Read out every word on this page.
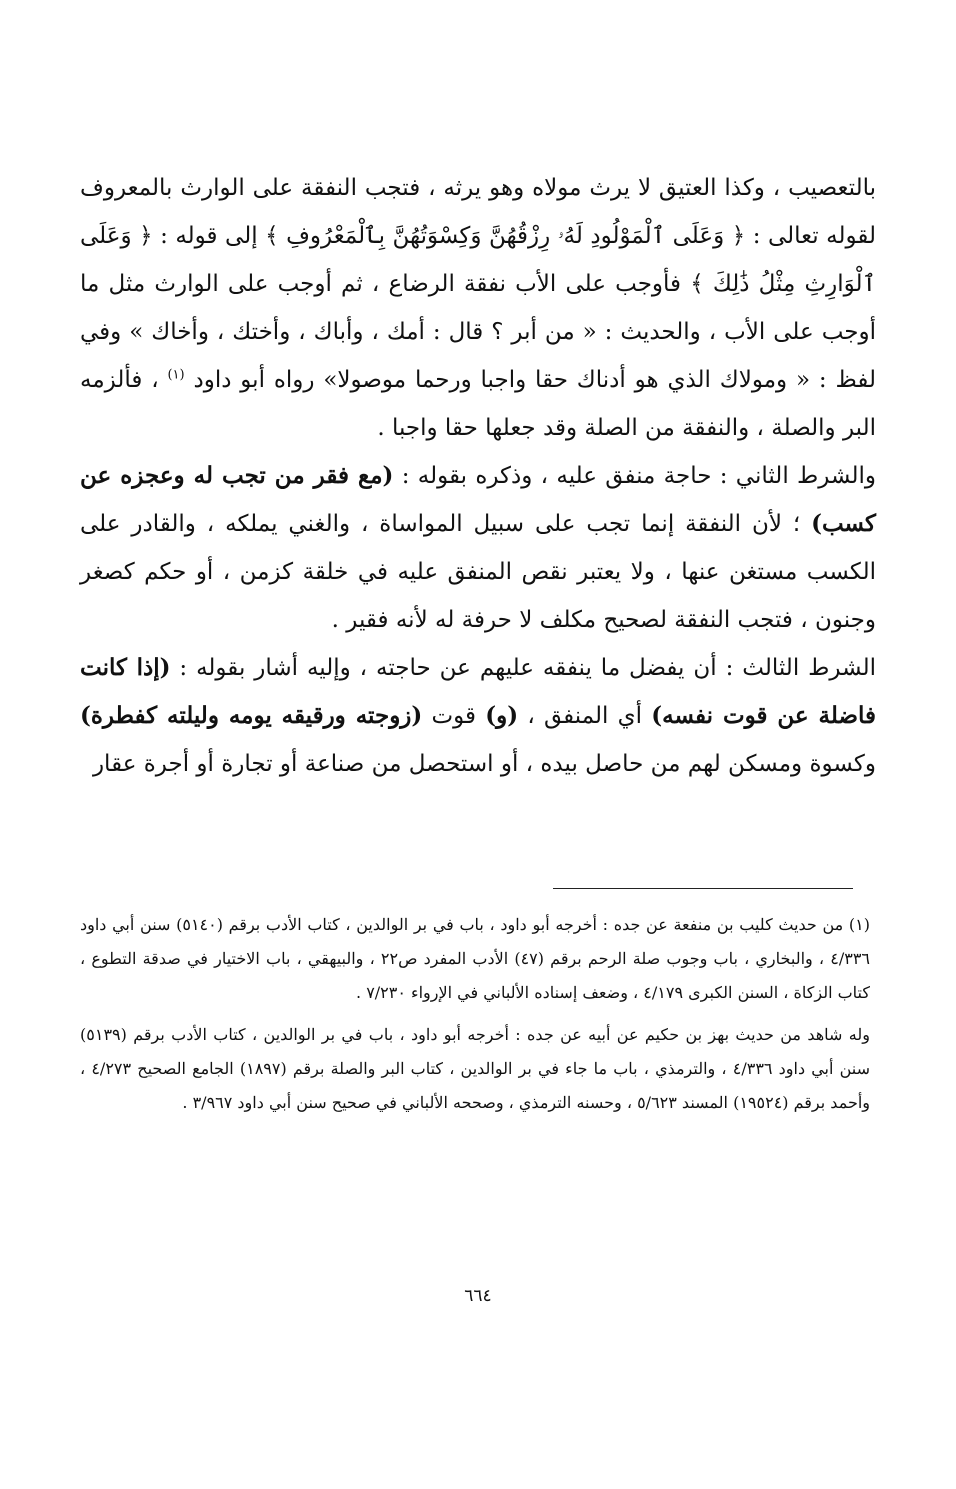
بالتعصيب ، وكذا العتيق لا يرث مولاه وهو يرثه ، فتجب النفقة على الوارث بالمعروف لقوله تعالى : ﴿ وَعَلَى ٱلْمَوْلُودِ لَهُۥ رِزْقُهُنَّ وَكِسْوَتُهُنَّ بِٱلْمَعْرُوفِ ﴾ إلى قوله : ﴿ وَعَلَى ٱلْوَارِثِ مِثْلُ ذَٰلِكَ ﴾ فأوجب على الأب نفقة الرضاع ، ثم أوجب على الوارث مثل ما أوجب على الأب ، والحديث : « من أبر ؟ قال : أمك ، وأباك ، وأختك ، وأخاك » وفي لفظ : « ومولاك الذي هو أدناك حقا واجبا ورحما موصولا» رواه أبو داود $^{(١)}$ ، فألزمه البر والصلة ، والنفقة من الصلة وقد جعلها حقا واجبا .

والشرط الثاني : حاجة منفق عليه ، وذكره بقوله : (مع فقر من تجب له وعجزه عن كسب) ؛ لأن النفقة إنما تجب على سبيل المواساة ، والغني يملكه ، والقادر على الكسب مستغن عنها ، ولا يعتبر نقص المنفق عليه في خلقة كزمن ، أو حكم كصغر وجنون ، فتجب النفقة لصحيح مكلف لا حرفة له لأنه فقير .

الشرط الثالث : أن يفضل ما ينفقه عليهم عن حاجته ، وإليه أشار بقوله : (إذا كانت فاضلة عن قوت نفسه) أي المنفق ، (و) قوت (زوجته ورقيقه يومه وليلته كفطرة) وكسوة ومسكن لهم من حاصل بيده ، أو استحصل من صناعة أو تجارة أو أجرة عقار

(١) من حديث كليب بن منفعة عن جده : أخرجه أبو داود ، باب في بر الوالدين ، كتاب الأدب برقم (٥١٤٠) سنن أبي داود ٤/٣٣٦ ، والبخاري ، باب وجوب صلة الرحم برقم (٤٧) الأدب المفرد ص٢٢ ، والبيهقي ، باب الاختيار في صدقة التطوع ، كتاب الزكاة ، السنن الكبرى ٤/١٧٩ ، وضعف إسناده الألباني في الإرواء ٧/٢٣٠ .

وله شاهد من حديث بهز بن حكيم عن أبيه عن جده : أخرجه أبو داود ، باب في بر الوالدين ، كتاب الأدب برقم (٥١٣٩) سنن أبي داود ٤/٣٣٦ ، والترمذي ، باب ما جاء في بر الوالدين ، كتاب البر والصلة برقم (١٨٩٧) الجامع الصحيح ٤/٢٧٣ ، وأحمد برقم (١٩٥٢٤) المسند ٥/٦٢٣ ، وحسنه الترمذي ، وصححه الألباني في صحيح سنن أبي داود ٣/٩٦٧ .

٦٦٤
